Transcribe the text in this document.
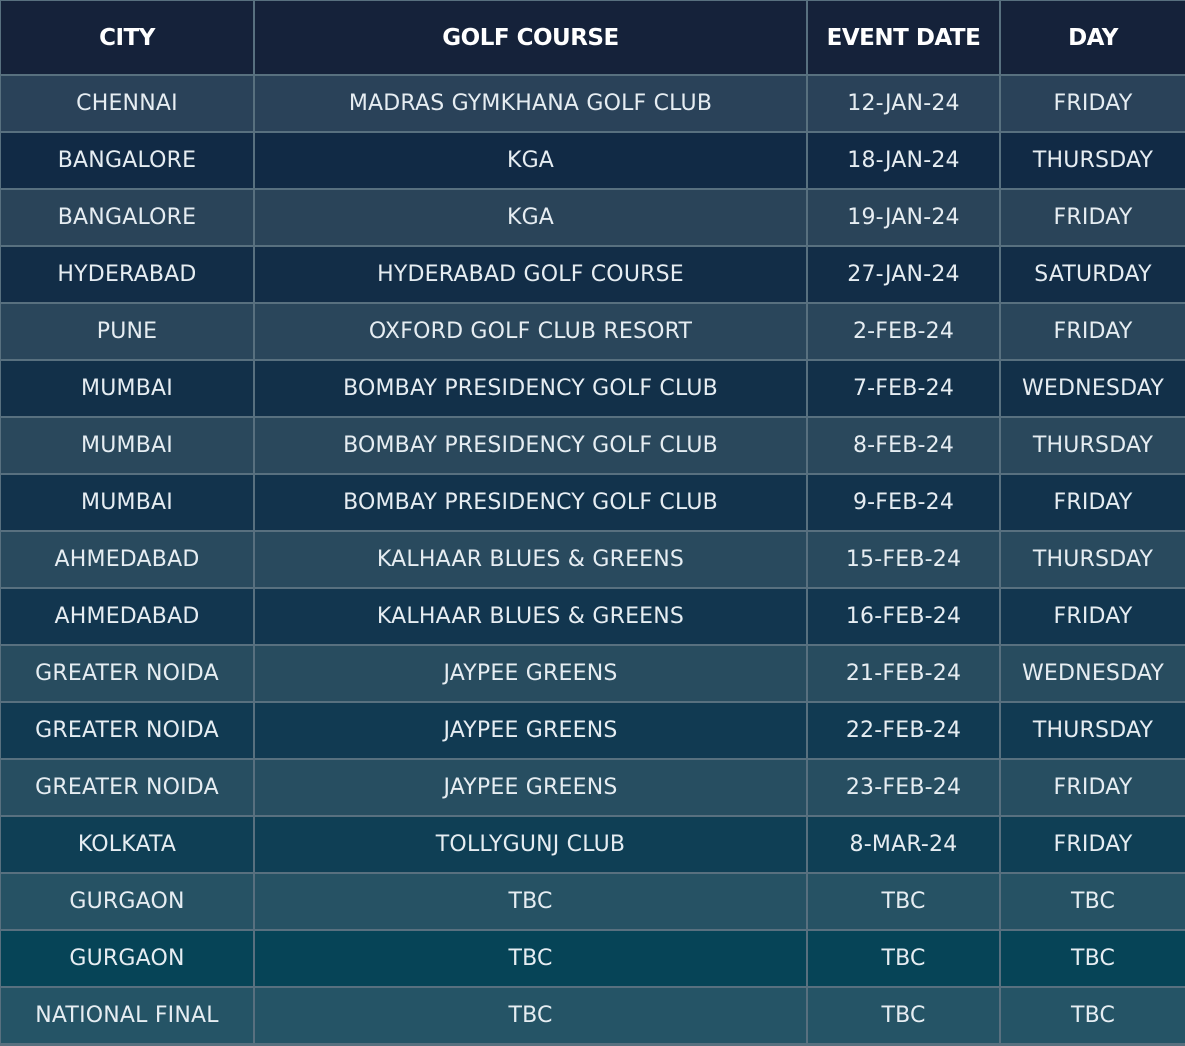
CITY	GOLF COURSE	EVENT DATE	DAY
CHENNAI	MADRAS GYMKHANA GOLF CLUB	12-JAN-24	FRIDAY
BANGALORE	KGA	18-JAN-24	THURSDAY
BANGALORE	KGA	19-JAN-24	FRIDAY
HYDERABAD	HYDERABAD GOLF COURSE	27-JAN-24	SATURDAY
PUNE	OXFORD GOLF CLUB RESORT	2-FEB-24	FRIDAY
MUMBAI	BOMBAY PRESIDENCY GOLF CLUB	7-FEB-24	WEDNESDAY
MUMBAI	BOMBAY PRESIDENCY GOLF CLUB	8-FEB-24	THURSDAY
MUMBAI	BOMBAY PRESIDENCY GOLF CLUB	9-FEB-24	FRIDAY
AHMEDABAD	KALHAAR BLUES & GREENS	15-FEB-24	THURSDAY
AHMEDABAD	KALHAAR BLUES & GREENS	16-FEB-24	FRIDAY
GREATER NOIDA	JAYPEE GREENS	21-FEB-24	WEDNESDAY
GREATER NOIDA	JAYPEE GREENS	22-FEB-24	THURSDAY
GREATER NOIDA	JAYPEE GREENS	23-FEB-24	FRIDAY
KOLKATA	TOLLYGUNJ CLUB	8-MAR-24	FRIDAY
GURGAON	TBC	TBC	TBC
GURGAON	TBC	TBC	TBC
NATIONAL FINAL	TBC	TBC	TBC
